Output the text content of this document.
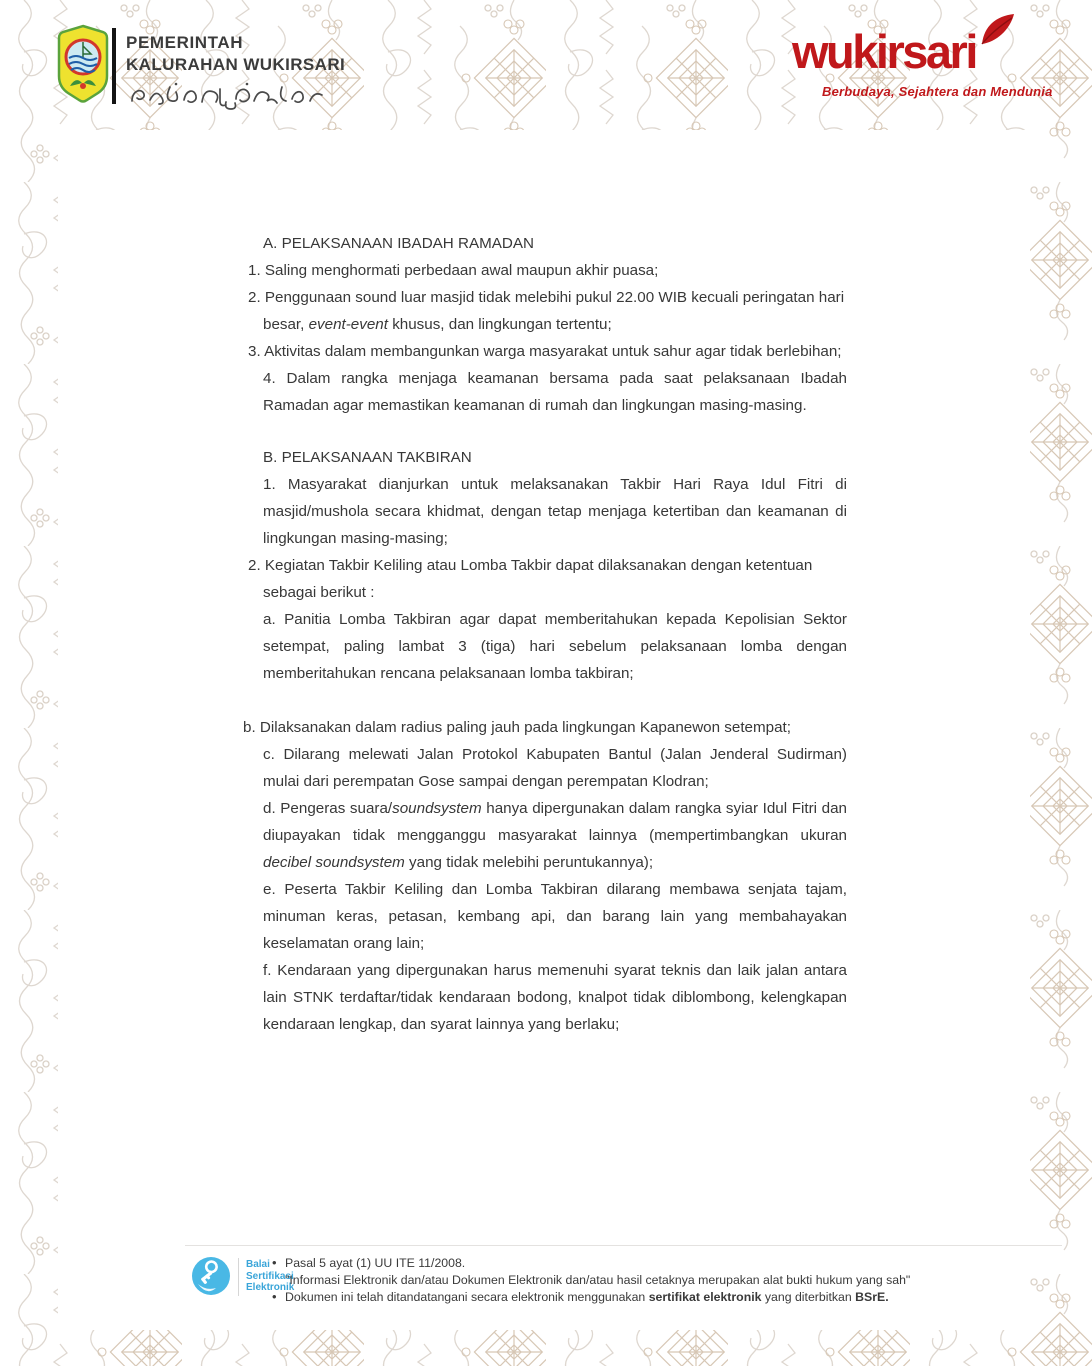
PEMERINTAH
KALURAHAN WUKIRSARI	wukirsari
Berbudaya, Sejahtera dan Mendunia
A. PELAKSANAAN IBADAH RAMADAN

1. Saling menghormati perbedaan awal maupun akhir puasa;

2. Penggunaan sound luar masjid tidak melebihi pukul 22.00 WIB kecuali peringatan hari besar, event-event khusus, dan lingkungan tertentu;

3. Aktivitas dalam membangunkan warga masyarakat untuk sahur agar tidak berlebihan;

4. Dalam rangka menjaga keamanan bersama pada saat pelaksanaan Ibadah Ramadan agar memastikan keamanan di rumah dan lingkungan masing-masing.

B. PELAKSANAAN TAKBIRAN

1. Masyarakat dianjurkan untuk melaksanakan Takbir Hari Raya Idul Fitri di masjid/mushola secara khidmat, dengan tetap menjaga ketertiban dan keamanan di lingkungan masing-masing;

2. Kegiatan Takbir Keliling atau Lomba Takbir dapat dilaksanakan dengan ketentuan sebagai berikut :

a. Panitia Lomba Takbiran agar dapat memberitahukan kepada Kepolisian Sektor setempat, paling lambat 3 (tiga) hari sebelum pelaksanaan lomba dengan memberitahukan rencana pelaksanaan lomba takbiran;

b. Dilaksanakan dalam radius paling jauh pada lingkungan Kapanewon setempat;

c. Dilarang melewati Jalan Protokol Kabupaten Bantul (Jalan Jenderal Sudirman) mulai dari perempatan Gose sampai dengan perempatan Klodran;

d. Pengeras suara/soundsystem hanya dipergunakan dalam rangka syiar Idul Fitri dan diupayakan tidak mengganggu masyarakat lainnya (mempertimbangkan ukuran decibel soundsystem yang tidak melebihi peruntukannya);

e. Peserta Takbir Keliling dan Lomba Takbiran dilarang membawa senjata tajam, minuman keras, petasan, kembang api, dan barang lain yang membahayakan keselamatan orang lain;

f. Kendaraan yang dipergunakan harus memenuhi syarat teknis dan laik jalan antara lain STNK terdaftar/tidak kendaraan bodong, knalpot tidak diblombong, kelengkapan kendaraan lengkap, dan syarat lainnya yang berlaku;

Balai
Sertifikasi
Elektronik

• Pasal 5 ayat (1) UU ITE 11/2008.

"Informasi Elektronik dan/atau Dokumen Elektronik dan/atau hasil cetaknya merupakan alat bukti hukum yang sah"

• Dokumen ini telah ditandatangani secara elektronik menggunakan sertifikat elektronik yang diterbitkan BSrE.
